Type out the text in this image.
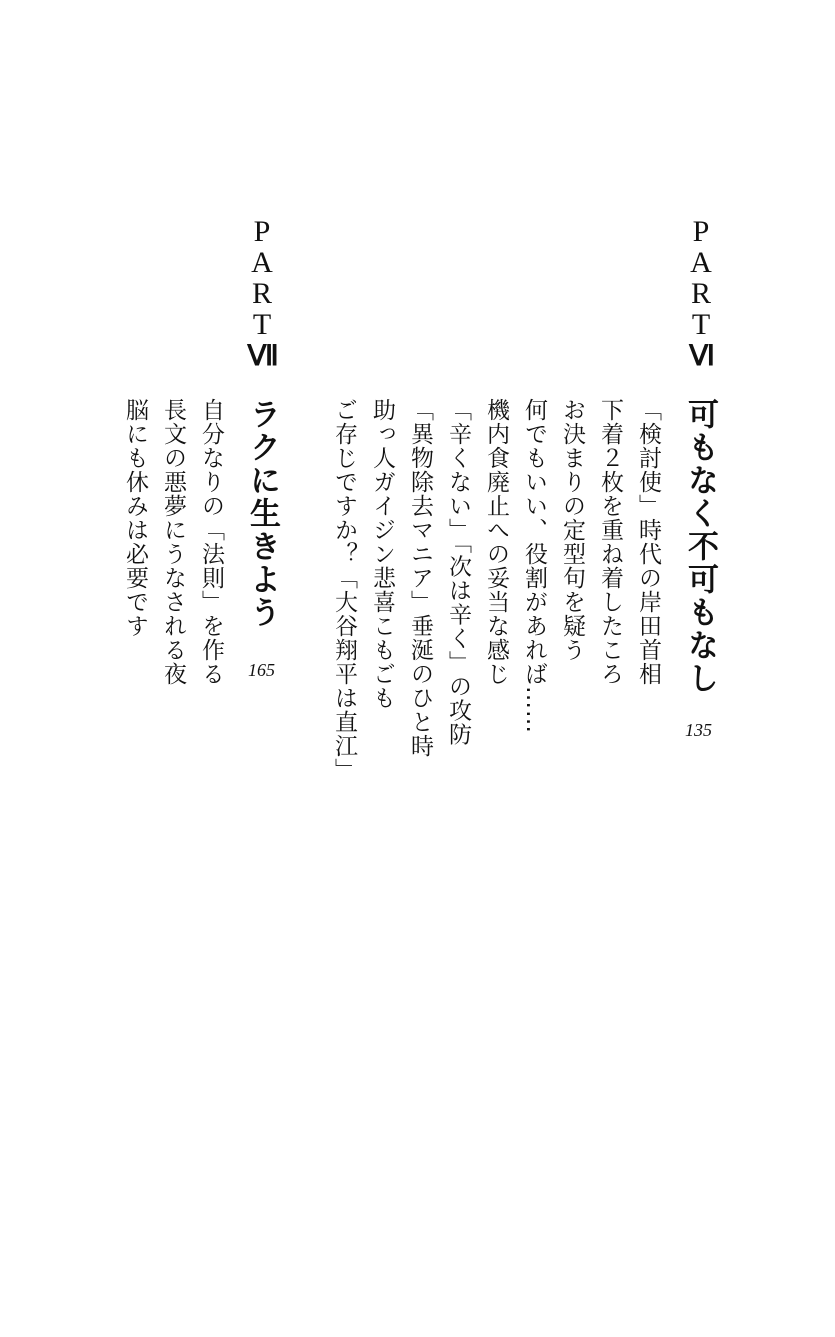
P
A
R
T
Ⅵ
可もなく不可もなし
135
「検討使」時代の岸田首相
下着２枚を重ね着したころ
お決まりの定型句を疑う
何でもいい、役割があれば……
機内食廃止への妥当な感じ
「辛くない」「次は辛く」の攻防
「異物除去マニア」垂涎のひと時
助っ人ガイジン悲喜こもごも
ご存じですか？「大谷翔平は直江」
P
A
R
T
Ⅶ
ラクに生きよう
165
自分なりの「法則」を作る
長文の悪夢にうなされる夜
脳にも休みは必要です
